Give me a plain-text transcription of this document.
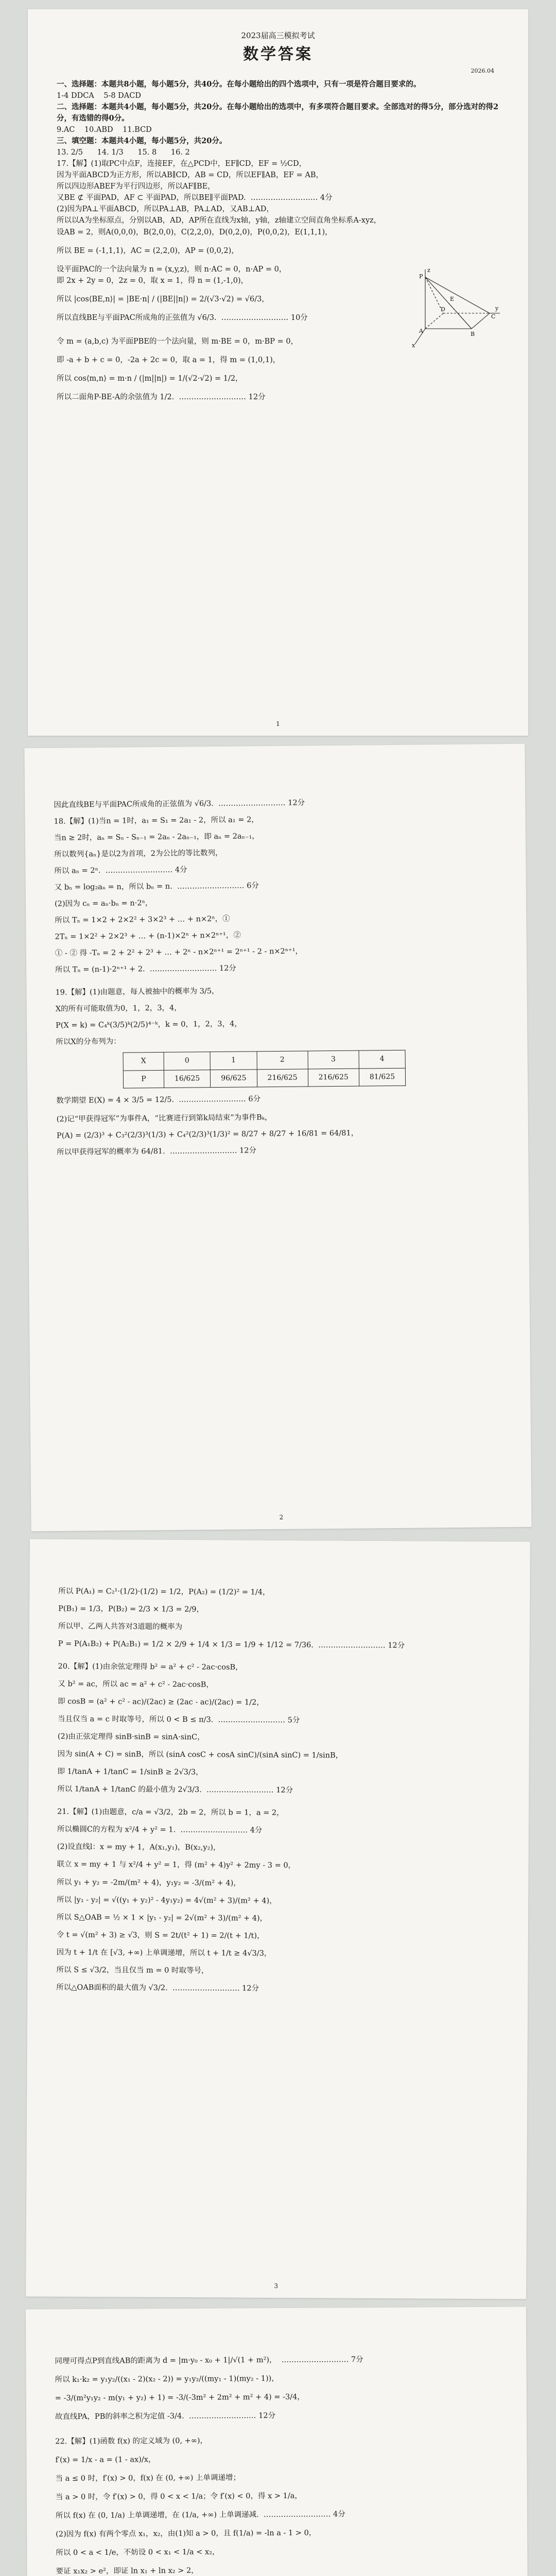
2023届高三模拟考试
数学答案
2026.04

一、选择题：本题共8小题，每小题5分，共40分。在每小题给出的四个选项中，只有一项是符合题目要求的。

1-4 DDCA    5-8 DACD

二、选择题：本题共4小题，每小题5分，共20分。在每小题给出的选项中，有多项符合题目要求。全部选对的得5分，部分选对的得2分，有选错的得0分。

9.AC    10.ABD    11.BCD

三、填空题：本题共4小题，每小题5分，共20分。

13. 2/5      14. 1/3      15. 8      16. 2

17.【解】(1)取PC中点F，连接EF，在△PCD中，EF∥CD，EF = ½CD，

因为平面ABCD为正方形，所以AB∥CD，AB = CD，所以EF∥AB，EF = AB，

所以四边形ABEF为平行四边形，所以AF∥BE，

又BE ⊄ 平面PAD，AF ⊂ 平面PAD，所以BE∥平面PAD.  ……………………… 4分

(2)因为PA⊥平面ABCD，所以PA⊥AB，PA⊥AD，又AB⊥AD，

所以以A为坐标原点，分别以AB，AD，AP所在直线为x轴，y轴，z轴建立空间直角坐标系A-xyz，

设AB = 2，则A(0,0,0)，B(2,0,0)，C(2,2,0)，D(0,2,0)，P(0,0,2)，E(1,1,1)，

所以 BE = (-1,1,1)，AC = (2,2,0)，AP = (0,0,2)，

设平面PAC的一个法向量为 n = (x,y,z)，则 n·AC = 0，n·AP = 0，

即 2x + 2y = 0，2z = 0，取 x = 1，得 n = (1,-1,0)，

所以 |cos⟨BE,n⟩| = |BE·n| / (|BE||n|) = 2/(√3·√2) = √6/3，

所以直线BE与平面PAC所成角的正弦值为 √6/3.  ……………………… 10分

令 m = (a,b,c) 为平面PBE的一个法向量，则 m·BE = 0，m·BP = 0，

即 -a + b + c = 0，-2a + 2c = 0，取 a = 1，得 m = (1,0,1)，

所以 cos⟨m,n⟩ = m·n / (|m||n|) = 1/(√2·√2) = 1/2，

所以二面角P-BE-A的余弦值为 1/2.  ……………………… 12分

P
A	B
C
D
E
x
y
z
1

因此直线BE与平面PAC所成角的正弦值为 √6/3.  ……………………… 12分

18.【解】(1)当n = 1时，a₁ = S₁ = 2a₁ - 2，所以 a₁ = 2，

当n ≥ 2时，aₙ = Sₙ - Sₙ₋₁ = 2aₙ - 2aₙ₋₁，即 aₙ = 2aₙ₋₁，

所以数列{aₙ}是以2为首项，2为公比的等比数列，

所以 aₙ = 2ⁿ.  ……………………… 4分

又 bₙ = log₂aₙ = n，所以 bₙ = n.  ……………………… 6分

(2)因为 cₙ = aₙ·bₙ = n·2ⁿ，

所以 Tₙ = 1×2 + 2×2² + 3×2³ + … + n×2ⁿ，①

2Tₙ = 1×2² + 2×2³ + … + (n-1)×2ⁿ + n×2ⁿ⁺¹，②

① - ② 得 -Tₙ = 2 + 2² + 2³ + … + 2ⁿ - n×2ⁿ⁺¹ = 2ⁿ⁺¹ - 2 - n×2ⁿ⁺¹，

所以 Tₙ = (n-1)·2ⁿ⁺¹ + 2.  ……………………… 12分

19.【解】(1)由题意，每人被抽中的概率为 3/5，

X的所有可能取值为0，1，2，3，4，

P(X = k) = C₄ᵏ(3/5)ᵏ(2/5)⁴⁻ᵏ，k = 0，1，2，3，4，

所以X的分布列为：

X	0	1	2	3	4
P	16/625	96/625	216/625	216/625	81/625

数学期望 E(X) = 4 × 3/5 = 12/5.  ……………………… 6分

(2)记“甲获得冠军”为事件A，“比赛进行到第k局结束”为事件Bₖ，

P(A) = (2/3)³ + C₃²(2/3)³(1/3) + C₄²(2/3)³(1/3)² = 8/27 + 8/27 + 16/81 = 64/81，

所以甲获得冠军的概率为 64/81.  ……………………… 12分

2

所以 P(A₁) = C₂¹·(1/2)·(1/2) = 1/2，P(A₂) = (1/2)² = 1/4，

P(B₁) = 1/3，P(B₂) = 2/3 × 1/3 = 2/9，

所以甲、乙两人共答对3道题的概率为

P = P(A₁B₂) + P(A₂B₁) = 1/2 × 2/9 + 1/4 × 1/3 = 1/9 + 1/12 = 7/36.  ……………………… 12分

20.【解】(1)由余弦定理得 b² = a² + c² - 2ac·cosB，

又 b² = ac，所以 ac = a² + c² - 2ac·cosB，

即 cosB = (a² + c² - ac)/(2ac) ≥ (2ac - ac)/(2ac) = 1/2，

当且仅当 a = c 时取等号，所以 0 < B ≤ π/3.  ……………………… 5分

(2)由正弦定理得 sinB·sinB = sinA·sinC，

因为 sin(A + C) = sinB，所以 (sinA cosC + cosA sinC)/(sinA sinC) = 1/sinB，

即 1/tanA + 1/tanC = 1/sinB ≥ 2√3/3，

所以 1/tanA + 1/tanC 的最小值为 2√3/3.  ……………………… 12分

21.【解】(1)由题意，c/a = √3/2，2b = 2，所以 b = 1，a = 2，

所以椭圆C的方程为 x²/4 + y² = 1.  ……………………… 4分

(2)设直线l：x = my + 1，A(x₁,y₁)，B(x₂,y₂)，

联立 x = my + 1 与 x²/4 + y² = 1，得 (m² + 4)y² + 2my - 3 = 0，

所以 y₁ + y₂ = -2m/(m² + 4)，y₁y₂ = -3/(m² + 4)，

所以 |y₁ - y₂| = √((y₁ + y₂)² - 4y₁y₂) = 4√(m² + 3)/(m² + 4)，

所以 S△OAB = ½ × 1 × |y₁ - y₂| = 2√(m² + 3)/(m² + 4)，

令 t = √(m² + 3) ≥ √3，则 S = 2t/(t² + 1) = 2/(t + 1/t)，

因为 t + 1/t 在 [√3, +∞) 上单调递增，所以 t + 1/t ≥ 4√3/3，

所以 S ≤ √3/2，当且仅当 m = 0 时取等号，

所以△OAB面积的最大值为 √3/2.  ……………………… 12分

3

同理可得点P到直线AB的距离为 d = |m·y₀ - x₀ + 1|/√(1 + m²)，  ……………………… 7分

所以 k₁·k₂ = y₁y₂/((x₁ - 2)(x₂ - 2)) = y₁y₂/((my₁ - 1)(my₂ - 1))，

= -3/(m²y₁y₂ - m(y₁ + y₂) + 1) = -3/(-3m² + 2m² + m² + 4) = -3/4，

故直线PA，PB的斜率之积为定值 -3/4.  ……………………… 12分

22.【解】(1)函数 f(x) 的定义域为 (0, +∞)，

f′(x) = 1/x - a = (1 - ax)/x，

当 a ≤ 0 时，f′(x) > 0，f(x) 在 (0, +∞) 上单调递增；

当 a > 0 时，令 f′(x) > 0，得 0 < x < 1/a；令 f′(x) < 0，得 x > 1/a，

所以 f(x) 在 (0, 1/a) 上单调递增，在 (1/a, +∞) 上单调递减.  ……………………… 4分

(2)因为 f(x) 有两个零点 x₁，x₂，由(1)知 a > 0，且 f(1/a) = -ln a - 1 > 0，

所以 0 < a < 1/e，不妨设 0 < x₁ < 1/a < x₂，

要证 x₁x₂ > e²，即证 ln x₁ + ln x₂ > 2，
